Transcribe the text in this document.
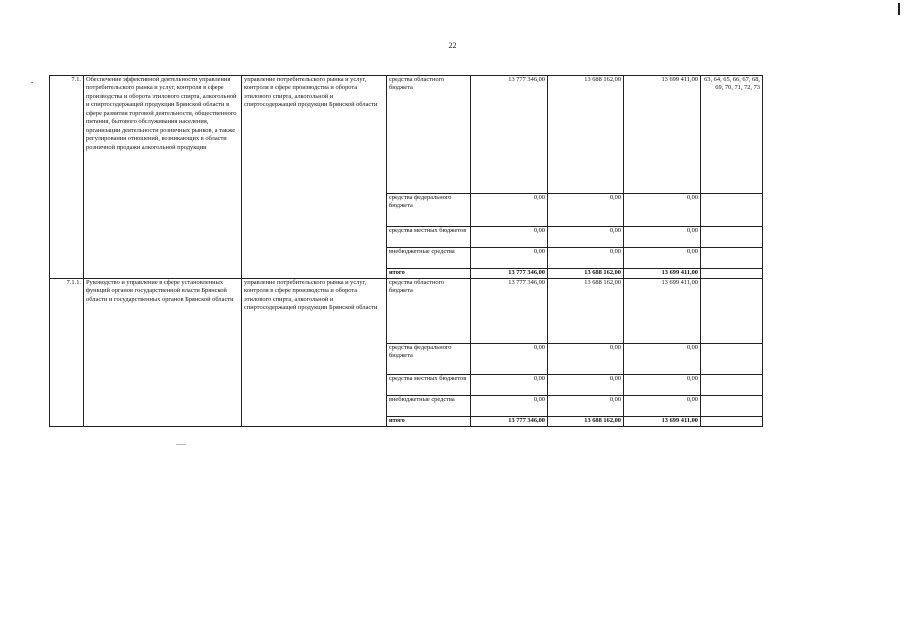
22
-	7.1.	Обеспечение эффективной деятельности управления потребительского рынка и услуг, контроля в сфере производства и оборота этилового спирта, алкогольной и спиртосодержащей продукции Брянской области в сфере развития торговой деятельности, общественного питания, бытового обслуживания населения, организации деятельности розничных рынков, а также регулирования отношений, возникающих в области розничной продажи алкогольной продукции	управление потребительского рынка и услуг, контроля в сфере производства и оборота этилового спирта, алкогольной и спиртосодержащей продукции Брянской области	средства областного бюджета	13 777 346,00	13 688 162,00	13 699 411,00	63, 64, 65, 66, 67, 68, 69, 70, 71, 72, 73
			средства федерального бюджета	0,00	0,00	0,00	
			средства местных бюджетов	0,00	0,00	0,00	
			внебюджетные средства	0,00	0,00	0,00	
			итого	13 777 346,00	13 688 162,00	13 699 411,00	
7.1.1.	Руководство и управление в сфере установленных функций органов государственной власти Брянской области и государственных органов Брянской области	управление потребительского рынка и услуг, контроля в сфере производства и оборота этилового спирта, алкогольной и спиртосодержащей продукции Брянской области	средства областного бюджета	13 777 346,00	13 688 162,00	13 699 411,00	
			средства федерального бюджета	0,00	0,00	0,00	
			средства местных бюджетов	0,00	0,00	0,00	
			внебюджетные средства	0,00	0,00	0,00	
			итого	13 777 346,00	13 688 162,00	13 699 411,00	
